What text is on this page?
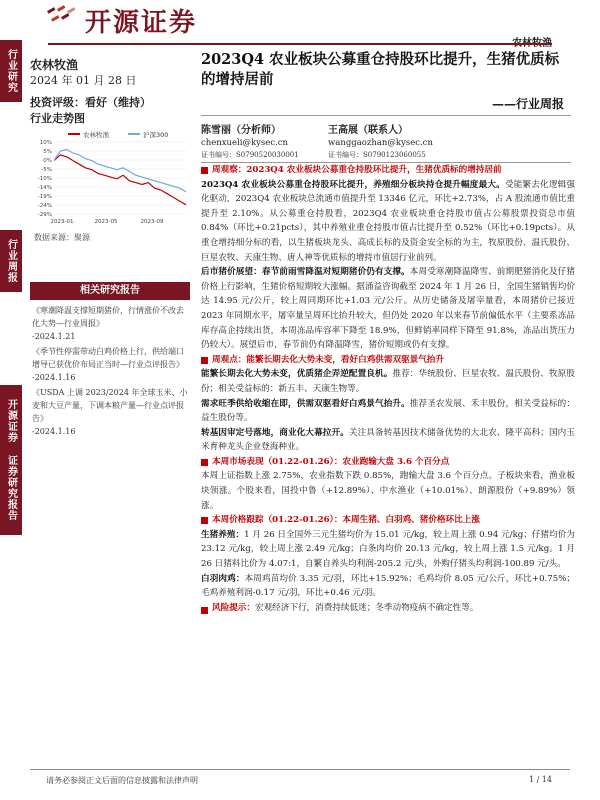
开源证券
行业研究
行业周报
开源证券 证券研究报告
农林牧渔
2024 年 01 月 28 日
投资评级：看好（维持）
行业走势图
农林牧渔	沪深300
10%
5%
0%
-5%
-10%
-14%
-19%
-24%
-29%
2023-01	2023-05	2023-09
数据来源：聚源
相关研究报告

《寒潮降温支撑短期猪价，行情涨价不改去化大势—行业周报》

-2024.1.21

《季节性停需带动白鸡价格上行，供给端口增导已获优价布局正当时—行业点评报告》

-2024.1.16

《USDA 上调 2023/2024 年全球玉米、小麦和大豆产量，下调本粮产量—行业点评报告》

-2024.1.16

2023Q4 农业板块公募重仓持股环比提升，生猪优质标的增持居前
——行业周报
陈雪丽（分析师）
chenxueli@kysec.cn
证书编号：S0790520030001
王高展（联系人）
wanggaozhan@kysec.cn
证书编号：S0790123060055

周观察：2023Q4 农业板块公募重仓持股环比提升，生猪优质标的增持居前

2023Q4 农业板块公募重仓持股环比提升，养殖细分板块持仓提升幅度最大。受能繁去化逻辑强化驱动，2023Q4 农业板块总流通市值提升至 13346 亿元，环比+2.73%，占 A 股流通市值比重提升至 2.10%。从公募重仓持股看，2023Q4 农业板块重仓持股市值占公募股票投资总市值 0.84%（环比+0.21pcts），其中养殖业重仓持股市值占比提升至 0.52%（环比+0.19pcts）。从重仓增持细分标的看，以生猪板块龙头、高成长标的及资金安全标的为主，牧原股份、温氏股份、巨星农牧、天康生物、唐人神等优质标的增持市值居行业前列。

后市猪价展望：春节前雨雪降温对短期猪价仍有支撑。本周受寒潮降温降雪、前期肥猪消化及仔猪价格上行影响，生猪价格短期较大涨幅。据涌益咨询截至 2024 年 1 月 26 日，全国生猪销售均价达 14.95 元/公斤，较上周同期环比+1.03 元/公斤。从历史储备及屠宰量看，本周猪价已接近 2023 年同期水平，屠宰量呈周环比抬升较大，但仍处 2020 年以来春节前偏低水平（主要系冻品库存高企持续出货，本周冻品库容率下降至 18.9%，但鲜销率同样下降至 91.8%，冻品出货压力仍较大）。展望后市，春节前仍有降温降雪，猪价短期或仍有支撑。

周观点：能繁长期去化大势未变，看好白鸡供需双驱景气抬升

能繁长期去化大势未变，优质猪企弄逆配置良机。推荐：华统股份、巨星农牧、温氏股份、牧原股份；相关受益标的：新五丰、天康生物等。

需求旺季供给收缩在即，供需双驱看好白鸡景气抬升。推荐圣农发展、禾丰股份，相关受益标的：益生股份等。

转基因审定号落地，商业化大幕拉开。关注具备转基因技术储备优势的大北农、隆平高科；国内玉米育种龙头企业登海种业。

本周市场表现（01.22-01.26）：农业跑输大盘 3.6 个百分点

本周上证指数上涨 2.75%，农业指数下跌 0.85%，跑输大盘 3.6 个百分点。子板块来看，渔业板块领涨。个股来看，国投中鲁（+12.89%）、中水渔业（+10.01%）、朗源股份（+9.89%）领涨。

本周价格跟踪（01.22-01.26）：本周生猪、白羽鸡、猪价格环比上涨

生猪养殖：1 月 26 日全国外三元生猪均价为 15.01 元/kg，较上周上涨 0.94 元/kg；仔猪均价为 23.12 元/kg，较上周上涨 2.49 元/kg；白条肉均价 20.13 元/kg，较上周上涨 1.5 元/kg。1 月 26 日猪料比价为 4.07:1，自繁自养头均利润-205.2 元/头，外购仔猪头均利润-100.89 元/头。

白羽肉鸡：本周鸡苗均价 3.35 元/羽，环比+15.92%；毛鸡均价 8.05 元/公斤，环比+0.75%；毛鸡养殖利润-0.17 元/羽，环比+0.46 元/羽。

风险提示：宏观经济下行，消费持续低迷；冬季动物疫病不确定性等。

请务必参阅正文后面的信息披露和法律声明	1 / 14
